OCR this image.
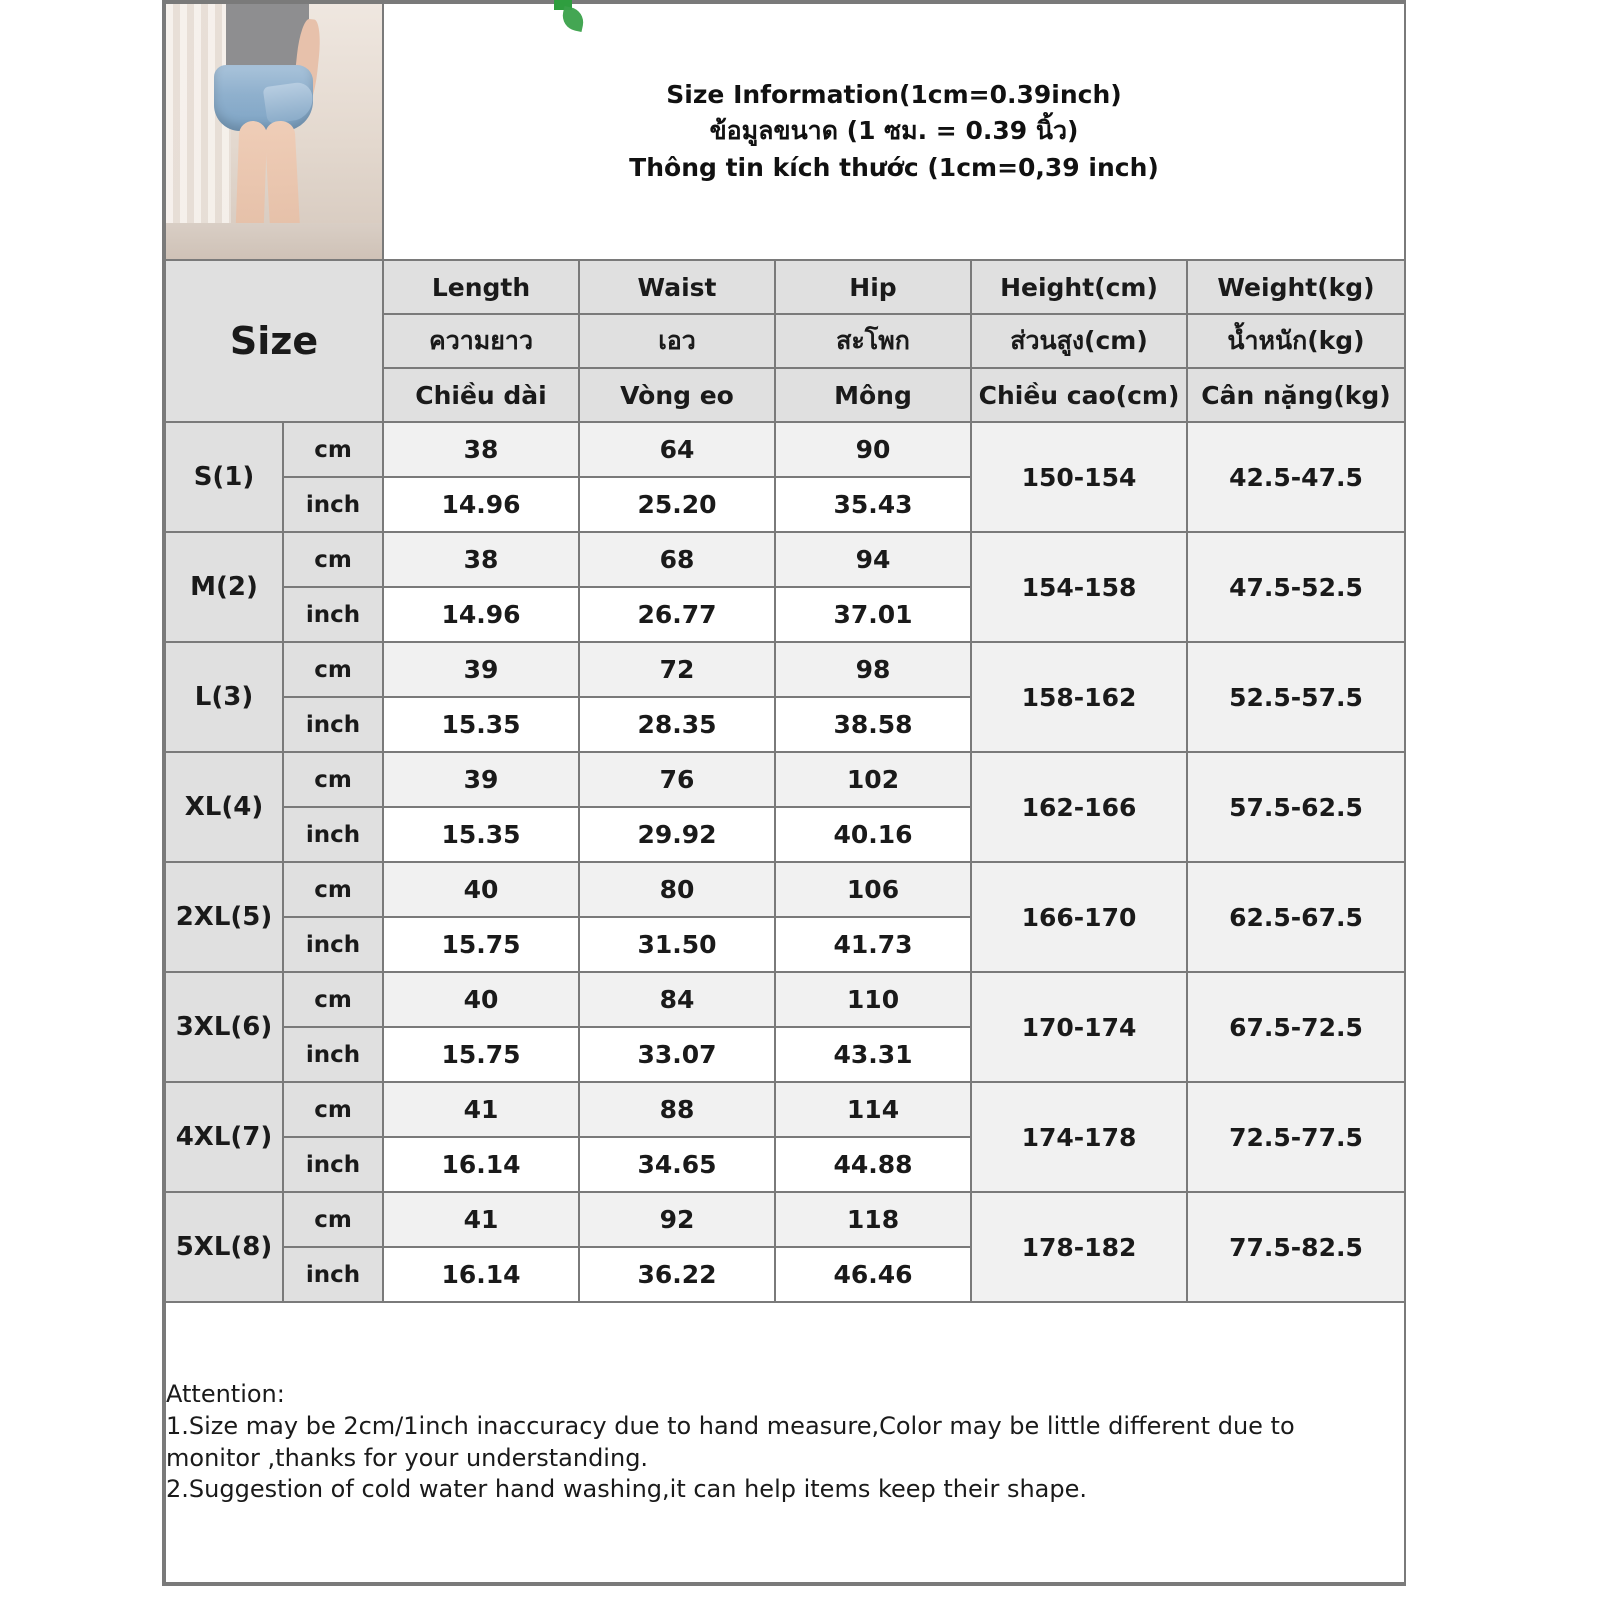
		Size Information(1cm=0.39inch)
ข้อมูลขนาด (1 ซม. = 0.39 นิ้ว)
Thông tin kích thước (1cm=0,39 inch)				

Size		Length	Waist	Hip	Height(cm)	Weight(kg)
		ความยาว	เอว	สะโพก	ส่วนสูง(cm)	น้ำหนัก(kg)
		Chiều dài	Vòng eo	Mông	Chiều cao(cm)	Cân nặng(kg)
S(1)	cm	38	64	90	150-154	42.5-47.5
	inch	14.96	25.20	35.43		
M(2)	cm	38	68	94	154-158	47.5-52.5
	inch	14.96	26.77	37.01		
L(3)	cm	39	72	98	158-162	52.5-57.5
	inch	15.35	28.35	38.58		
XL(4)	cm	39	76	102	162-166	57.5-62.5
	inch	15.35	29.92	40.16		
2XL(5)	cm	40	80	106	166-170	62.5-67.5
	inch	15.75	31.50	41.73		
3XL(6)	cm	40	84	110	170-174	67.5-72.5
	inch	15.75	33.07	43.31		
4XL(7)	cm	41	88	114	174-178	72.5-77.5
	inch	16.14	34.65	44.88		
5XL(8)	cm	41	92	118	178-182	77.5-82.5
	inch	16.14	36.22	46.46		

Attention:

1.Size may be 2cm/1inch inaccuracy due to hand measure,Color may be little different due to

monitor ,thanks for your understanding.

2.Suggestion of cold water hand washing,it can help items keep their shape.						
